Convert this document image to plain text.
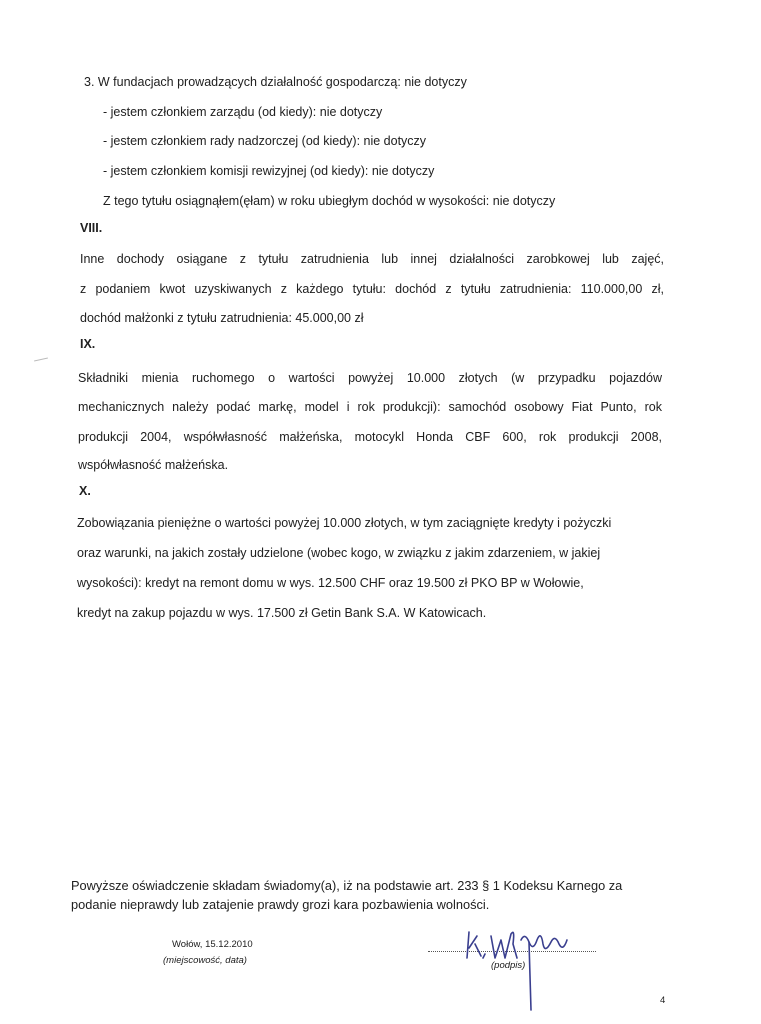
3. W fundacjach prowadzących działalność gospodarczą: nie dotyczy
- jestem członkiem zarządu (od kiedy): nie dotyczy
- jestem członkiem rady nadzorczej (od kiedy): nie dotyczy
- jestem członkiem komisji rewizyjnej (od kiedy): nie dotyczy
Z tego tytułu osiągnąłem(ęłam) w roku ubiegłym dochód w wysokości: nie dotyczy
VIII.
Inne dochody osiągane z tytułu zatrudnienia lub innej działalności zarobkowej lub zajęć,
z podaniem kwot uzyskiwanych z każdego tytułu: dochód z tytułu zatrudnienia: 110.000,00 zł,
dochód małżonki z tytułu zatrudnienia: 45.000,00 zł
IX.
Składniki mienia ruchomego o wartości powyżej 10.000 złotych (w przypadku pojazdów
mechanicznych należy podać markę, model i rok produkcji): samochód osobowy Fiat Punto, rok
produkcji 2004, współwłasność małżeńska, motocykl Honda CBF 600, rok produkcji 2008,
współwłasność małżeńska.
X.
Zobowiązania pieniężne o wartości powyżej 10.000 złotych, w tym zaciągnięte kredyty i pożyczki
oraz warunki, na jakich zostały udzielone (wobec kogo, w związku z jakim zdarzeniem, w jakiej
wysokości): kredyt na remont domu w wys. 12.500 CHF oraz 19.500 zł PKO BP w Wołowie,
kredyt na zakup pojazdu w wys. 17.500 zł Getin Bank S.A. W Katowicach.
Powyższe oświadczenie składam świadomy(a), iż na podstawie art. 233 § 1 Kodeksu Karnego za
podanie nieprawdy lub zatajenie prawdy grozi kara pozbawienia wolności.
Wołów, 15.12.2010
(miejscowość, data)	(podpis)
4
